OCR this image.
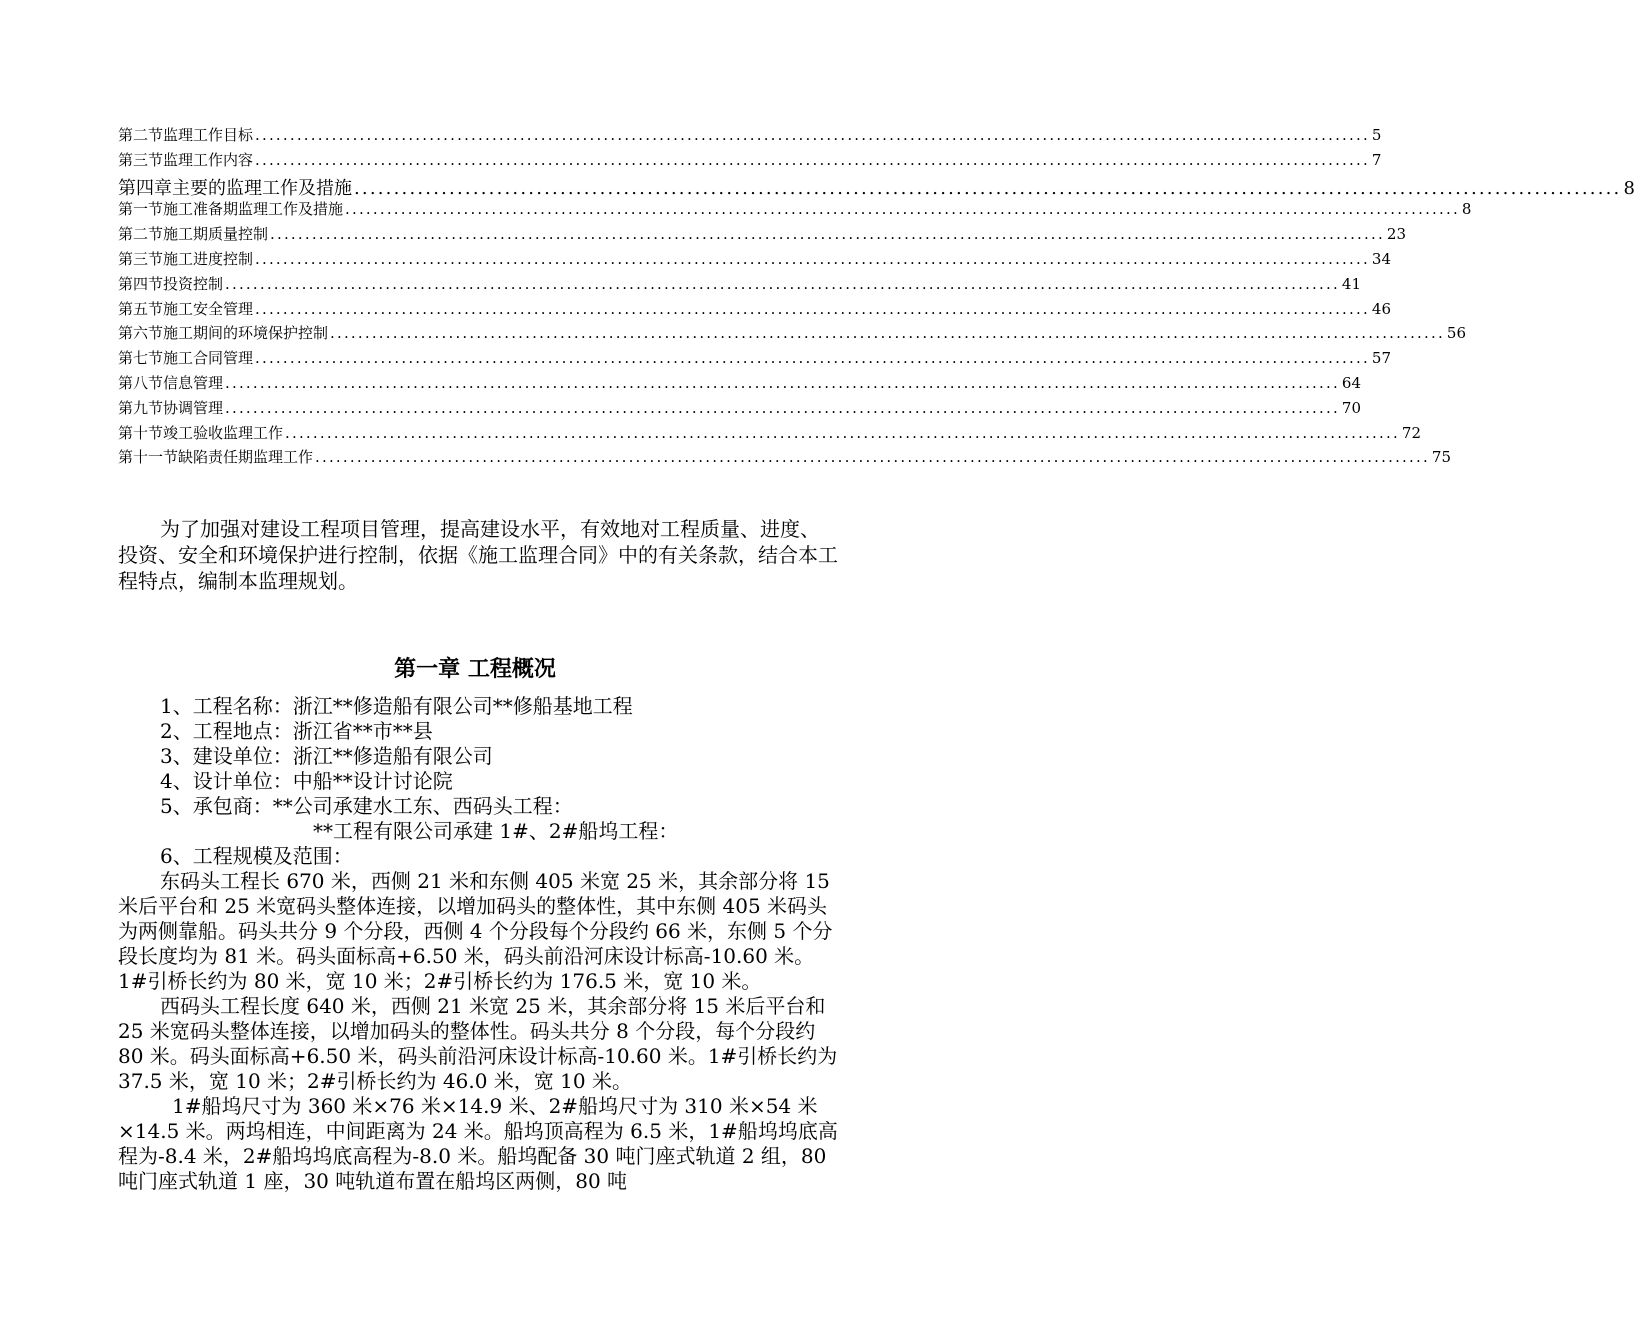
第二节 监理工作目标 ................................................................................................................................................................ 5
第三节 监理工作内容 ................................................................................................................................................................ 7
第四章 主要的监理工作及措施 ................................................................................................................................................................ 8
第一节 施工准备期监理工作及措施 ................................................................................................................................................................ 8
第二节 施工期质量控制 ................................................................................................................................................................ 23
第三节 施工进度控制 ................................................................................................................................................................ 34
第四节 投资控制 ................................................................................................................................................................ 41
第五节 施工安全管理 ................................................................................................................................................................ 46
第六节 施工期间的环境保护控制 ................................................................................................................................................................ 56
第七节 施工合同管理 ................................................................................................................................................................ 57
第八节 信息管理 ................................................................................................................................................................ 64
第九节 协调管理 ................................................................................................................................................................ 70
第十节 竣工验收监理工作 ................................................................................................................................................................ 72
第十一节 缺陷责任期监理工作 ................................................................................................................................................................ 75

为了加强对建设工程项目管理，提高建设水平，有效地对工程质量、进度、投资、安全和环境保护进行控制，依据《施工监理合同》中的有关条款，结合本工程特点，编制本监理规划。

第一章 工程概况

1、工程名称：浙江**修造船有限公司**修船基地工程

2、工程地点：浙江省**市**县

3、建设单位：浙江**修造船有限公司

4、设计单位：中船**设计讨论院

5、承包商：**公司承建水工东、西码头工程：

**工程有限公司承建 1#、2#船坞工程：

6、工程规模及范围：

东码头工程长 670 米，西侧 21 米和东侧 405 米宽 25 米，其余部分将 15 米后平台和 25 米宽码头整体连接，以增加码头的整体性，其中东侧 405 米码头为两侧靠船。码头共分 9 个分段，西侧 4 个分段每个分段约 66 米，东侧 5 个分段长度均为 81 米。码头面标高+6.50 米，码头前沿河床设计标高-10.60 米。1#引桥长约为 80 米，宽 10 米；2#引桥长约为 176.5 米，宽 10 米。

西码头工程长度 640 米，西侧 21 米宽 25 米，其余部分将 15 米后平台和 25 米宽码头整体连接，以增加码头的整体性。码头共分 8 个分段，每个分段约 80 米。码头面标高+6.50 米，码头前沿河床设计标高-10.60 米。1#引桥长约为 37.5 米，宽 10 米；2#引桥长约为 46.0 米，宽 10 米。

1#船坞尺寸为 360 米×76 米×14.9 米、2#船坞尺寸为 310 米×54 米×14.5 米。两坞相连，中间距离为 24 米。船坞顶高程为 6.5 米，1#船坞坞底高程为-8.4 米，2#船坞坞底高程为-8.0 米。船坞配备 30 吨门座式轨道 2 组，80 吨门座式轨道 1 座，30 吨轨道布置在船坞区两侧，80 吨
